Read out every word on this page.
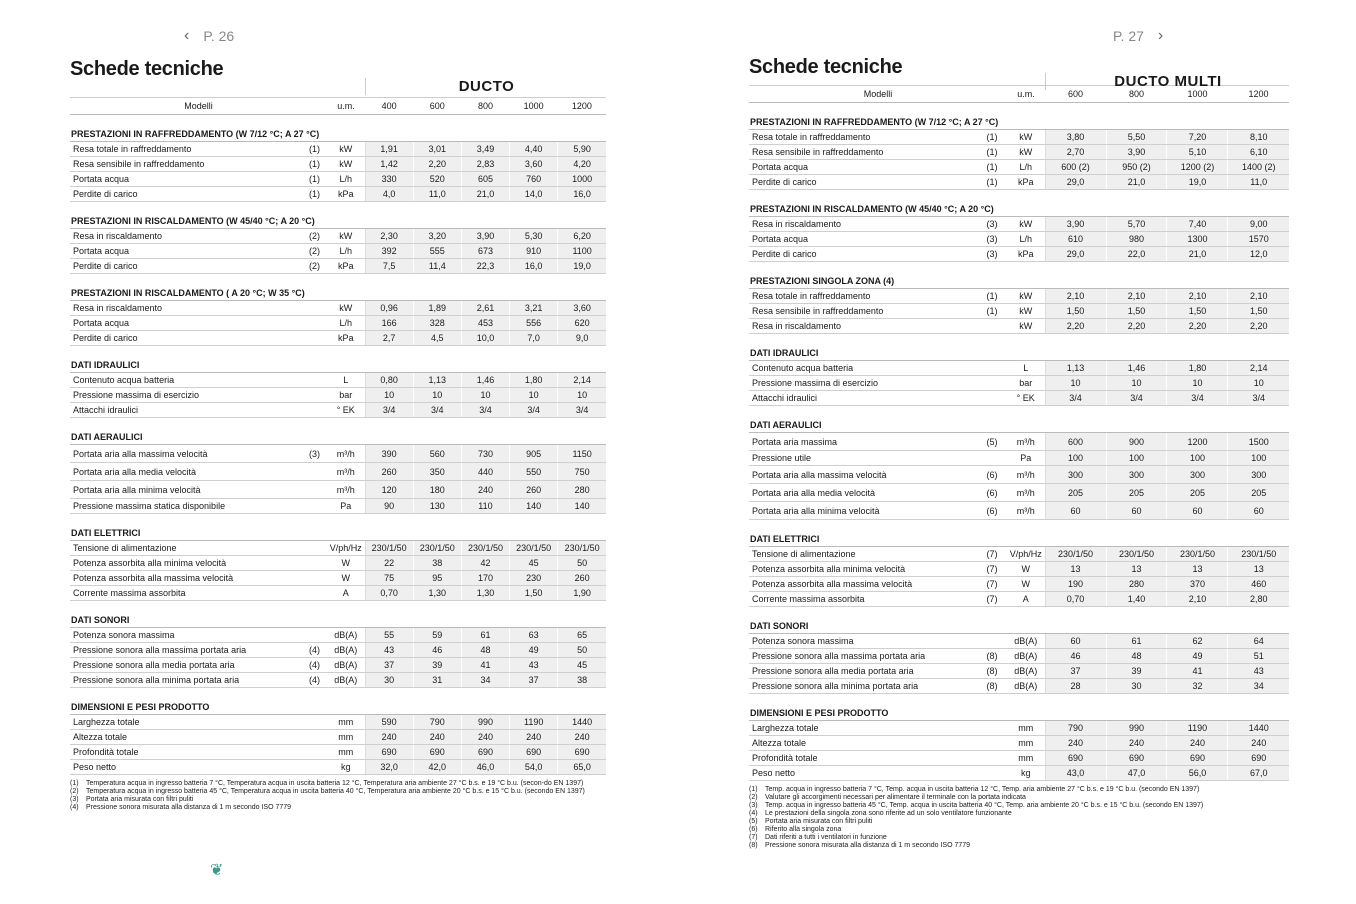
‹ P. 26	P. 27 ›
Schede tecniche
DUCTO
Modelli		u.m.	400	600	800	1000	1200
PRESTAZIONI IN RAFFREDDAMENTO (W 7/12 °C; A 27 °C)							
Resa totale in raffreddamento	(1)	kW	1,91	3,01	3,49	4,40	5,90
Resa sensibile in raffreddamento	(1)	kW	1,42	2,20	2,83	3,60	4,20
Portata acqua	(1)	L/h	330	520	605	760	1000
Perdite di carico	(1)	kPa	4,0	11,0	21,0	14,0	16,0
PRESTAZIONI IN RISCALDAMENTO (W 45/40 °C; A 20 °C)							
Resa in riscaldamento	(2)	kW	2,30	3,20	3,90	5,30	6,20
Portata acqua	(2)	L/h	392	555	673	910	1100
Perdite di carico	(2)	kPa	7,5	11,4	22,3	16,0	19,0
PRESTAZIONI IN RISCALDAMENTO ( A 20 °C; W 35 °C)							
Resa in riscaldamento		kW	0,96	1,89	2,61	3,21	3,60
Portata acqua		L/h	166	328	453	556	620
Perdite di carico		kPa	2,7	4,5	10,0	7,0	9,0
DATI IDRAULICI							
Contenuto acqua batteria		L	0,80	1,13	1,46	1,80	2,14
Pressione massima di esercizio		bar	10	10	10	10	10
Attacchi idraulici		° EK	3/4	3/4	3/4	3/4	3/4
DATI AERAULICI							
Portata aria alla massima velocità	(3)	m³/h	390	560	730	905	1150
Portata aria alla media velocità		m³/h	260	350	440	550	750
Portata aria alla minima velocità		m³/h	120	180	240	260	280
Pressione massima statica disponibile		Pa	90	130	110	140	140
DATI ELETTRICI							
Tensione di alimentazione		V/ph/Hz	230/1/50	230/1/50	230/1/50	230/1/50	230/1/50
Potenza assorbita alla minima velocità		W	22	38	42	45	50
Potenza assorbita alla massima velocità		W	75	95	170	230	260
Corrente massima assorbita		A	0,70	1,30	1,30	1,50	1,90
DATI SONORI							
Potenza sonora massima		dB(A)	55	59	61	63	65
Pressione sonora alla massima portata aria	(4)	dB(A)	43	46	48	49	50
Pressione sonora alla media portata aria	(4)	dB(A)	37	39	41	43	45
Pressione sonora alla minima portata aria	(4)	dB(A)	30	31	34	37	38
DIMENSIONI E PESI PRODOTTO							
Larghezza totale		mm	590	790	990	1190	1440
Altezza totale		mm	240	240	240	240	240
Profondità totale		mm	690	690	690	690	690
Peso netto		kg	32,0	42,0	46,0	54,0	65,0
(1)	Temperatura acqua in ingresso batteria 7 °C, Temperatura acqua in uscita batteria 12 °C, Temperatura aria ambiente 27 °C b.s. e 19 °C b.u. (secon-do EN 1397)
(2)	Temperatura acqua in ingresso batteria 45 °C, Temperatura acqua in uscita batteria 40 °C, Temperatura aria ambiente 20 °C b.s. e 15 °C b.u. (secondo EN 1397)
(3)	Portata aria misurata con filtri puliti
(4)	Pressione sonora misurata alla distanza di 1 m secondo ISO 7779
Schede tecniche
DUCTO MULTI
Modelli		u.m.	600	800	1000	1200
PRESTAZIONI IN RAFFREDDAMENTO (W 7/12 °C; A 27 °C)						
Resa totale in raffreddamento	(1)	kW	3,80	5,50	7,20	8,10
Resa sensibile in raffreddamento	(1)	kW	2,70	3,90	5,10	6,10
Portata acqua	(1)	L/h	600 (2)	950 (2)	1200 (2)	1400 (2)
Perdite di carico	(1)	kPa	29,0	21,0	19,0	11,0
PRESTAZIONI IN RISCALDAMENTO (W 45/40 °C; A 20 °C)						
Resa in riscaldamento	(3)	kW	3,90	5,70	7,40	9,00
Portata acqua	(3)	L/h	610	980	1300	1570
Perdite di carico	(3)	kPa	29,0	22,0	21,0	12,0
PRESTAZIONI SINGOLA ZONA (4)						
Resa totale in raffreddamento	(1)	kW	2,10	2,10	2,10	2,10
Resa sensibile in raffreddamento	(1)	kW	1,50	1,50	1,50	1,50
Resa in riscaldamento		kW	2,20	2,20	2,20	2,20
DATI IDRAULICI						
Contenuto acqua batteria		L	1,13	1,46	1,80	2,14
Pressione massima di esercizio		bar	10	10	10	10
Attacchi idraulici		° EK	3/4	3/4	3/4	3/4
DATI AERAULICI						
Portata aria massima	(5)	m³/h	600	900	1200	1500
Pressione utile		Pa	100	100	100	100
Portata aria alla massima velocità	(6)	m³/h	300	300	300	300
Portata aria alla media velocità	(6)	m³/h	205	205	205	205
Portata aria alla minima velocità	(6)	m³/h	60	60	60	60
DATI ELETTRICI						
Tensione di alimentazione	(7)	V/ph/Hz	230/1/50	230/1/50	230/1/50	230/1/50
Potenza assorbita alla minima velocità	(7)	W	13	13	13	13
Potenza assorbita alla massima velocità	(7)	W	190	280	370	460
Corrente massima assorbita	(7)	A	0,70	1,40	2,10	2,80
DATI SONORI						
Potenza sonora massima		dB(A)	60	61	62	64
Pressione sonora alla massima portata aria	(8)	dB(A)	46	48	49	51
Pressione sonora alla media portata aria	(8)	dB(A)	37	39	41	43
Pressione sonora alla minima portata aria	(8)	dB(A)	28	30	32	34
DIMENSIONI E PESI PRODOTTO						
Larghezza totale		mm	790	990	1190	1440
Altezza totale		mm	240	240	240	240
Profondità totale		mm	690	690	690	690
Peso netto		kg	43,0	47,0	56,0	67,0
(1)	Temp. acqua in ingresso batteria 7 °C, Temp. acqua in uscita batteria 12 °C, Temp. aria ambiente 27 °C b.s. e 19 °C b.u. (secondo EN 1397)
(2)	Valutare gli accorgimenti necessari per alimentare il terminale con la portata indicata
(3)	Temp. acqua in ingresso batteria 45 °C, Temp. acqua in uscita batteria 40 °C, Temp. aria ambiente 20 °C b.s. e 15 °C b.u. (secondo EN 1397)
(4)	Le prestazioni della singola zona sono riferite ad un solo ventilatore funzionante
(5)	Portata aria misurata con filtri puliti
(6)	Riferito alla singola zona
(7)	Dati riferiti a tutti i ventilatori in funzione
(8)	Pressione sonora misurata alla distanza di 1 m secondo ISO 7779
❦
